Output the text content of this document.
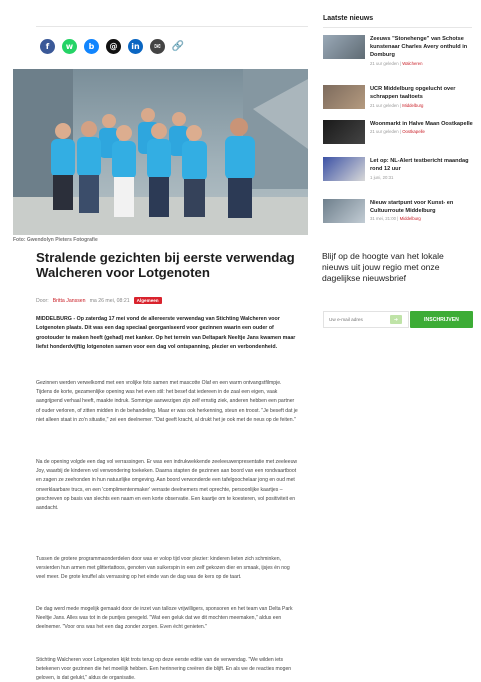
f	w	b	@	in	✉	🔗
Foto: Gwendolyn Pieters Fotografie
Stralende gezichten bij eerste verwendag Walcheren voor Lotgenoten
Door: Britta Janssen ma 26 mei, 08:21	Algemeen

MIDDELBURG - Op zaterdag 17 mei vond de allereerste verwendag van Stichting Walcheren voor Lotgenoten plaats. Dit was een dag speciaal georganiseerd voor gezinnen waarin een ouder of grootouder te maken heeft (gehad) met kanker. Op het terrein van Deltapark Neeltje Jans kwamen maar liefst honderdvijftig lotgenoten samen voor een dag vol ontspanning, plezier en verbondenheid.

Gezinnen werden verwelkomd met een vrolijke foto samen met mascotte Olaf en een warm ontvangstfilmpje. Tijdens de korte, gezamenlijke opening was het even stil: het besef dat iedereen in de zaal een eigen, vaak aangrijpend verhaal heeft, maakte indruk. Sommige aanwezigen zijn zelf ernstig ziek, anderen hebben een partner of ouder verloren, of zitten midden in de behandeling. Maar er was ook herkenning, steun en troost. "Je beseft dat je niet alleen staat in zo'n situatie," zei een deelnemer. "Dat geeft kracht, al drukt het je ook met de neus op de feiten."

Na de opening volgde een dag vol verrassingen. Er was een indrukwekkende zeeleeuwenpresentatie met zeeleeuw Joy, waarbij de kinderen vol verwondering toekeken. Daarna stapten de gezinnen aan boord van een rondvaartboot en zagen ze zeehonden in hun natuurlijke omgeving. Aan boord verwonderde een tafelgoochelaar jong en oud met onverklaarbare trucs, en een 'complimentenmaker' verraste deelnemers met oprechte, persoonlijke kaartjes – geschreven op basis van slechts een naam en een korte observatie. Een kaartje om te koesteren, vol positiviteit en aandacht.

Tussen de grotere programmaonderdelen door was er volop tijd voor plezier: kinderen lieten zich schminken, versierden hun armen met glittertattoos, genoten van suikerspin in een zelf gekozen dier en smaak, ijsjes én nog veel meer. De grote knuffel als verrassing op het einde van de dag was de kers op de taart.

De dag werd mede mogelijk gemaakt door de inzet van talloze vrijwilligers, sponsoren en het team van Delta Park Neeltje Jans. Alles was tot in de puntjes geregeld. "Wat een geluk dat we dit mochten meemaken," aldus een deelnemer. "Voor ons was het een dag zonder zorgen. Even écht genieten."

Stichting Walcheren voor Lotgenoten kijkt trots terug op deze eerste editie van de verwendag. "We wilden iets betekenen voor gezinnen die het moeilijk hebben. Een herinnering creëren die blijft. En als we de reacties mogen geloven, is dat gelukt," aldus de organisatie.

Laatste nieuws
Zeeuws "Stonehenge" van Schotse kunstenaar Charles Avery onthuld in Domburg
21 uur geleden | Walcheren
UCR Middelburg opgelucht over schrappen taaltoets
21 uur geleden | Middelburg
Woonmarkt in Halve Maan Oostkapelle
21 uur geleden | Oostkapelle
Let op: NL-Alert testbericht maandag rond 12 uur
1 juni, 20:31
Nieuw startpunt voor Kunst- en Cultuurroute Middelburg
31 mei, 21:00 | Middelburg
Blijf op de hoogte van het lokale nieuws uit jouw regio met onze dagelijkse nieuwsbrief
Uw e-mail adres
➜	INSCHRIJVEN
